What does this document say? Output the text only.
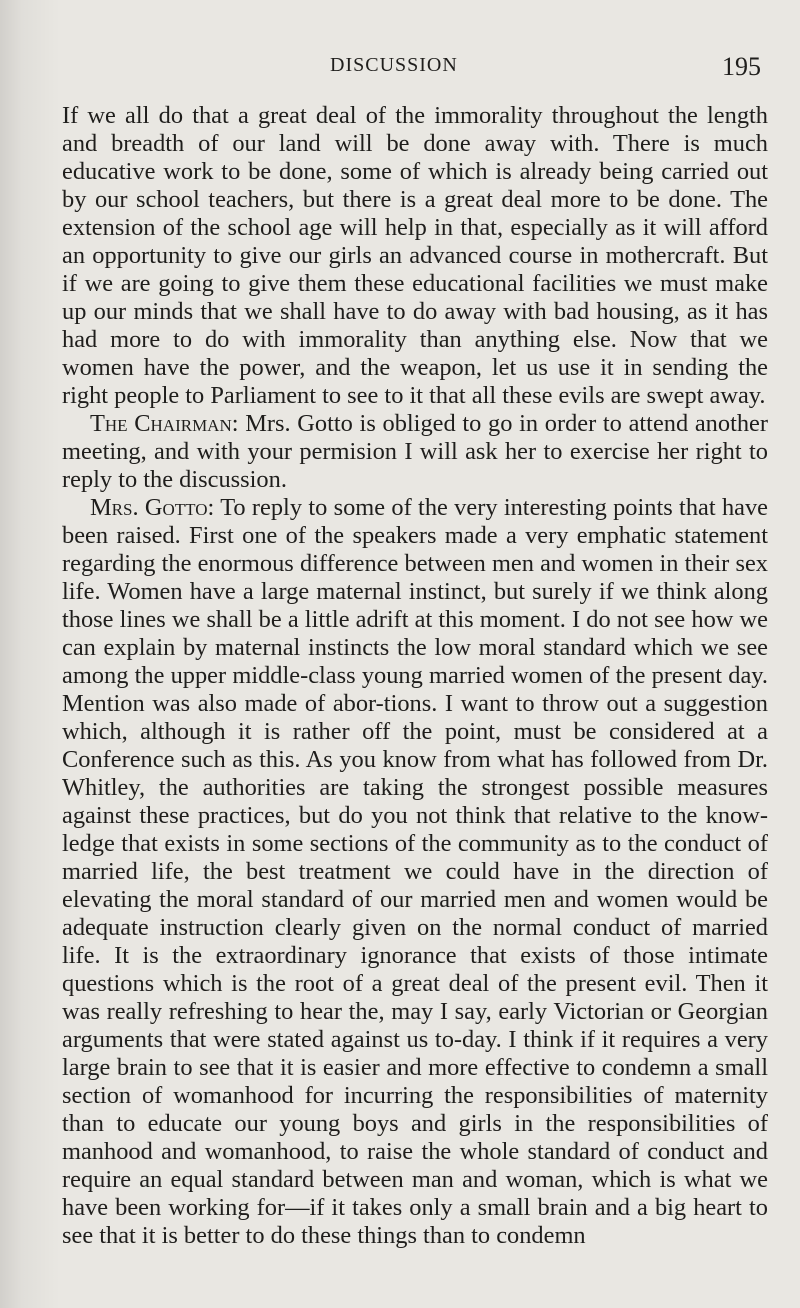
DISCUSSION	195

If we all do that a great deal of the immorality throughout the length and breadth of our land will be done away with. There is much educative work to be done, some of which is already being carried out by our school teachers, but there is a great deal more to be done. The extension of the school age will help in that, especially as it will afford an opportunity to give our girls an advanced course in mothercraft. But if we are going to give them these educational facilities we must make up our minds that we shall have to do away with bad housing, as it has had more to do with immorality than anything else. Now that we women have the power, and the weapon, let us use it in sending the right people to Parliament to see to it that all these evils are swept away.

The Chairman: Mrs. Gotto is obliged to go in order to attend another meeting, and with your permision I will ask her to exercise her right to reply to the discussion.

Mrs. Gotto: To reply to some of the very interesting points that have been raised. First one of the speakers made a very emphatic statement regarding the enormous difference between men and women in their sex life. Women have a large maternal instinct, but surely if we think along those lines we shall be a little adrift at this moment. I do not see how we can explain by maternal instincts the low moral standard which we see among the upper middle-class young married women of the present day. Mention was also made of abor-tions. I want to throw out a suggestion which, although it is rather off the point, must be considered at a Conference such as this. As you know from what has followed from Dr. Whitley, the authorities are taking the strongest possible measures against these practices, but do you not think that relative to the know-ledge that exists in some sections of the community as to the conduct of married life, the best treatment we could have in the direction of elevating the moral standard of our married men and women would be adequate instruction clearly given on the normal conduct of married life. It is the extraordinary ignorance that exists of those intimate questions which is the root of a great deal of the present evil. Then it was really refreshing to hear the, may I say, early Victorian or Georgian arguments that were stated against us to-day. I think if it requires a very large brain to see that it is easier and more effective to condemn a small section of womanhood for incurring the responsibilities of maternity than to educate our young boys and girls in the responsibilities of manhood and womanhood, to raise the whole standard of conduct and require an equal standard between man and woman, which is what we have been working for—if it takes only a small brain and a big heart to see that it is better to do these things than to condemn
